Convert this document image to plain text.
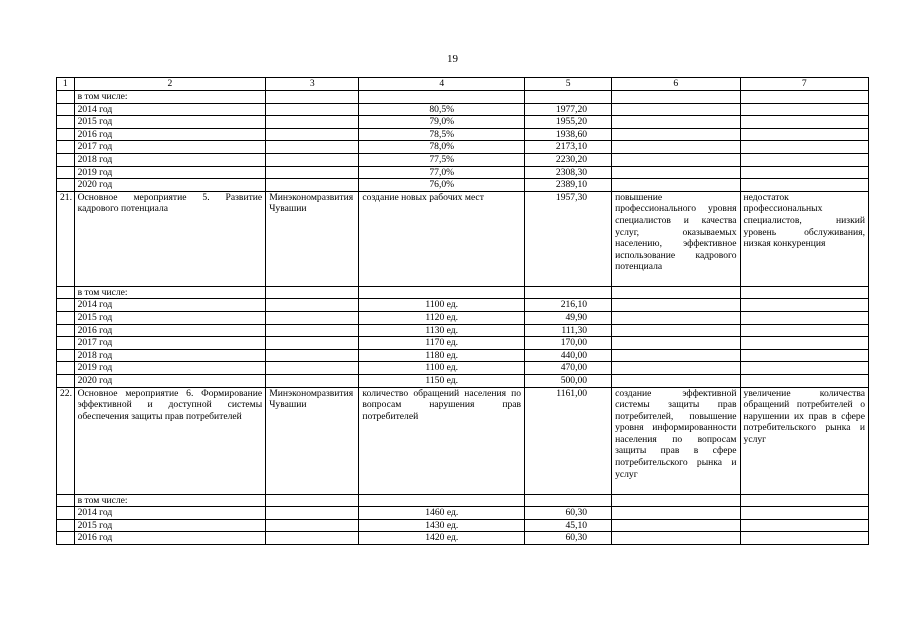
19
1	2	3	4	5	6	7
	в том числе:					
	2014 год		80,5%	1977,20		
	2015 год		79,0%	1955,20		
	2016 год		78,5%	1938,60		
	2017 год		78,0%	2173,10		
	2018 год		77,5%	2230,20		
	2019 год		77,0%	2308,30		
	2020 год		76,0%	2389,10		
21.	Основное мероприятие 5. Развитие кадрового потенциала	Минэкономразвития Чувашии	создание новых рабочих мест	1957,30	повышение профессионального уровня специалистов и качества услуг, оказываемых населению, эффективное использование кадрового потенциала	недостаток профессиональных специалистов, низкий уровень обслуживания, низкая конкуренция
	в том числе:					
	2014 год		1100 ед.	216,10		
	2015 год		1120 ед.	49,90		
	2016 год		1130 ед.	111,30		
	2017 год		1170 ед.	170,00		
	2018 год		1180 ед.	440,00		
	2019 год		1100 ед.	470,00		
	2020 год		1150 ед.	500,00		
22.	Основное мероприятие 6. Формирование эффективной и доступной системы обеспечения защиты прав потребителей	Минэкономразвития Чувашии	количество обращений населения по вопросам нарушения прав потребителей	1161,00	создание эффективной системы защиты прав потребителей, повышение уровня информированности населения по вопросам защиты прав в сфере потребительского рынка и услуг	увеличение количества обращений потребителей о нарушении их прав в сфере потребительского рынка и услуг
	в том числе:					
	2014 год		1460 ед.	60,30		
	2015 год		1430 ед.	45,10		
	2016 год		1420 ед.	60,30		
